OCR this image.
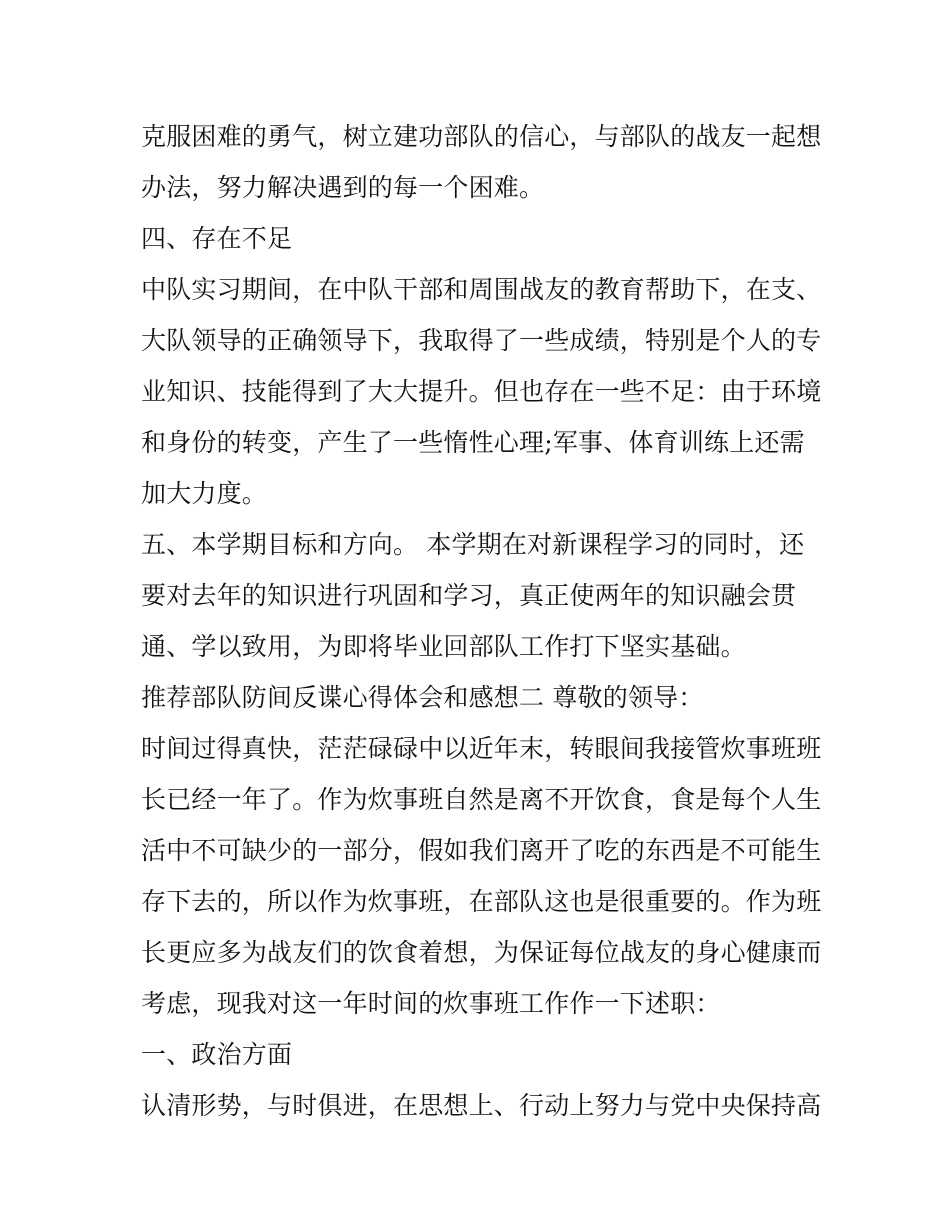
克服困难的勇气，树立建功部队的信心，与部队的战友一起想
办法，努力解决遇到的每一个困难。
四、存在不足
中队实习期间，在中队干部和周围战友的教育帮助下，在支、
大队领导的正确领导下，我取得了一些成绩，特别是个人的专
业知识、技能得到了大大提升。但也存在一些不足：由于环境
和身份的转变，产生了一些惰性心理;军事、体育训练上还需
加大力度。
五、本学期目标和方向。 本学期在对新课程学习的同时，还
要对去年的知识进行巩固和学习，真正使两年的知识融会贯
通、学以致用，为即将毕业回部队工作打下坚实基础。
推荐部队防间反谍心得体会和感想二 尊敬的领导：
时间过得真快，茫茫碌碌中以近年末，转眼间我接管炊事班班
长已经一年了。作为炊事班自然是离不开饮食，食是每个人生
活中不可缺少的一部分，假如我们离开了吃的东西是不可能生
存下去的，所以作为炊事班，在部队这也是很重要的。作为班
长更应多为战友们的饮食着想，为保证每位战友的身心健康而
考虑，现我对这一年时间的炊事班工作作一下述职：
一、政治方面
认清形势，与时俱进，在思想上、行动上努力与党中央保持高
